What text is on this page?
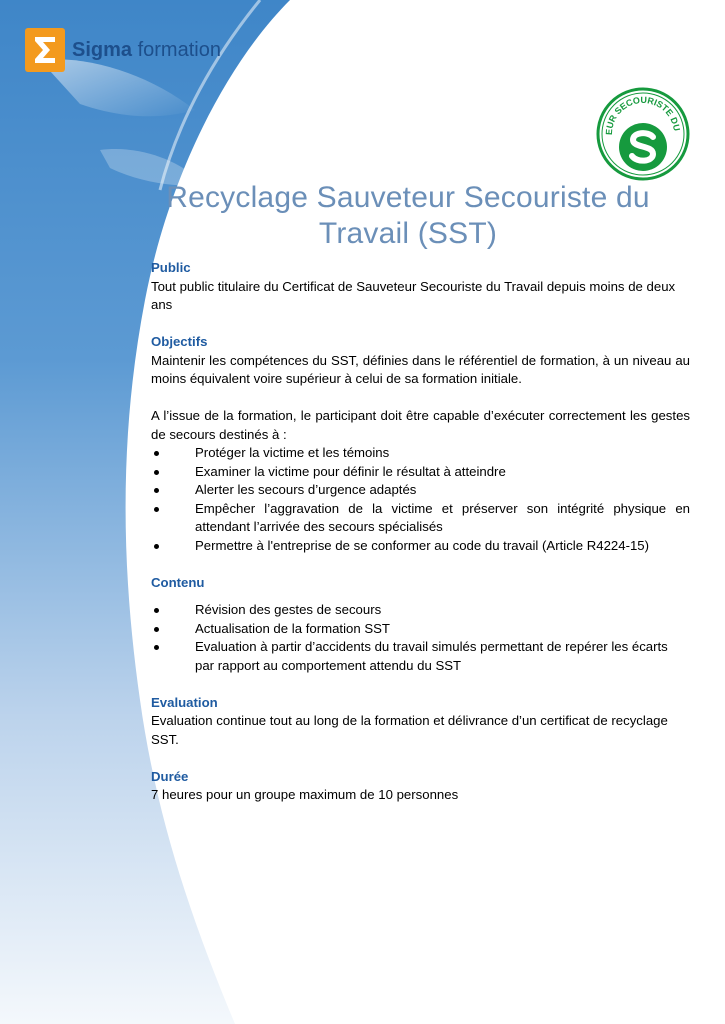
Sigma formation
EUR SECOURISTE DU
Recyclage Sauveteur Secouriste du Travail (SST)
Public

Tout public titulaire du Certificat de Sauveteur Secouriste du Travail depuis moins de deux ans

Objectifs

Maintenir les compétences du SST, définies dans le référentiel de formation, à un niveau au moins équivalent voire supérieur à celui de sa formation initiale.

A l’issue de la formation, le participant doit être capable d’exécuter correctement les gestes de secours destinés à :

Protéger la victime et les témoins
Examiner la victime pour définir le résultat à atteindre
Alerter les secours d’urgence adaptés
Empêcher l’aggravation de la victime et préserver son intégrité physique en attendant l’arrivée des secours spécialisés
Permettre à l'entreprise de se conformer au code du travail (Article R4224-15)
Contenu
Révision des gestes de secours
Actualisation de la formation SST
Evaluation à partir d’accidents du travail simulés permettant de repérer les écarts par rapport au comportement attendu du SST
Evaluation

Evaluation continue tout au long de la formation et délivrance d’un certificat de recyclage SST.

Durée

7 heures pour un groupe maximum de 10 personnes
